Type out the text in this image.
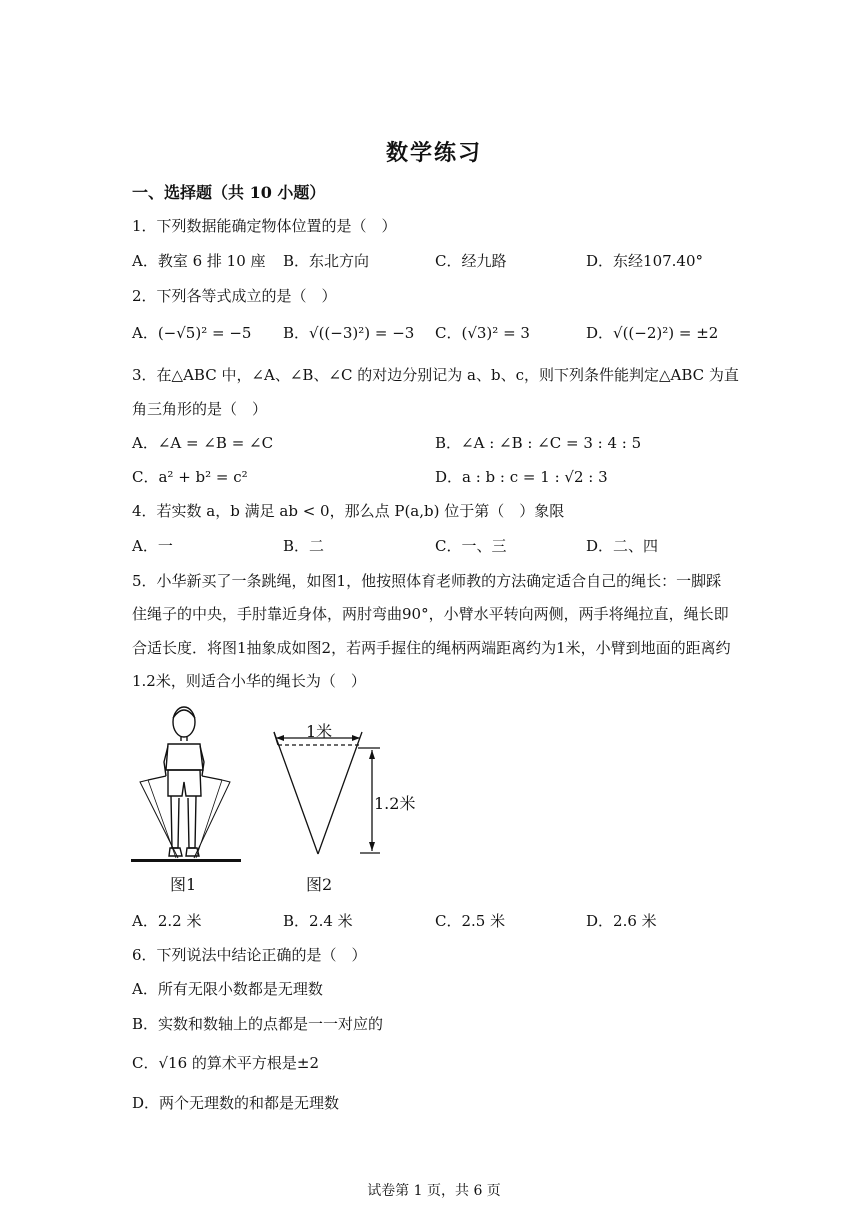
数学练习
一、选择题（共 10 小题）
1．下列数据能确定物体位置的是（　）
A．教室 6 排 10 座 B．东北方向	C．经九路	D．东经107.40°
2．下列各等式成立的是（　）
A．(−√5)² = −5 B．√((−3)²) = −3 C．(√3)² = 3	D．√((−2)²) = ±2
3．在△ABC 中，∠A、∠B、∠C 的对边分别记为 a、b、c，则下列条件能判定△ABC 为直
角三角形的是（　）
A．∠A = ∠B = ∠C	B．∠A : ∠B : ∠C = 3 : 4 : 5
C．a² + b² = c²	D．a : b : c = 1 : √2 : 3
4．若实数 a，b 满足 ab < 0，那么点 P(a,b) 位于第（　）象限
A．一	B．二	C．一、三	D．二、四
5．小华新买了一条跳绳，如图1，他按照体育老师教的方法确定适合自己的绳长：一脚踩
住绳子的中央，手肘靠近身体，两肘弯曲90°，小臂水平转向两侧，两手将绳拉直，绳长即
合适长度．将图1抽象成如图2，若两手握住的绳柄两端距离约为1米，小臂到地面的距离约
1.2米，则适合小华的绳长为（　）
图1
1米
1.2米
图2
A．2.2 米	B．2.4 米	C．2.5 米	D．2.6 米
6．下列说法中结论正确的是（　）
A．所有无限小数都是无理数
B．实数和数轴上的点都是一一对应的
C．√16 的算术平方根是±2
D．两个无理数的和都是无理数
试卷第 1 页，共 6 页
